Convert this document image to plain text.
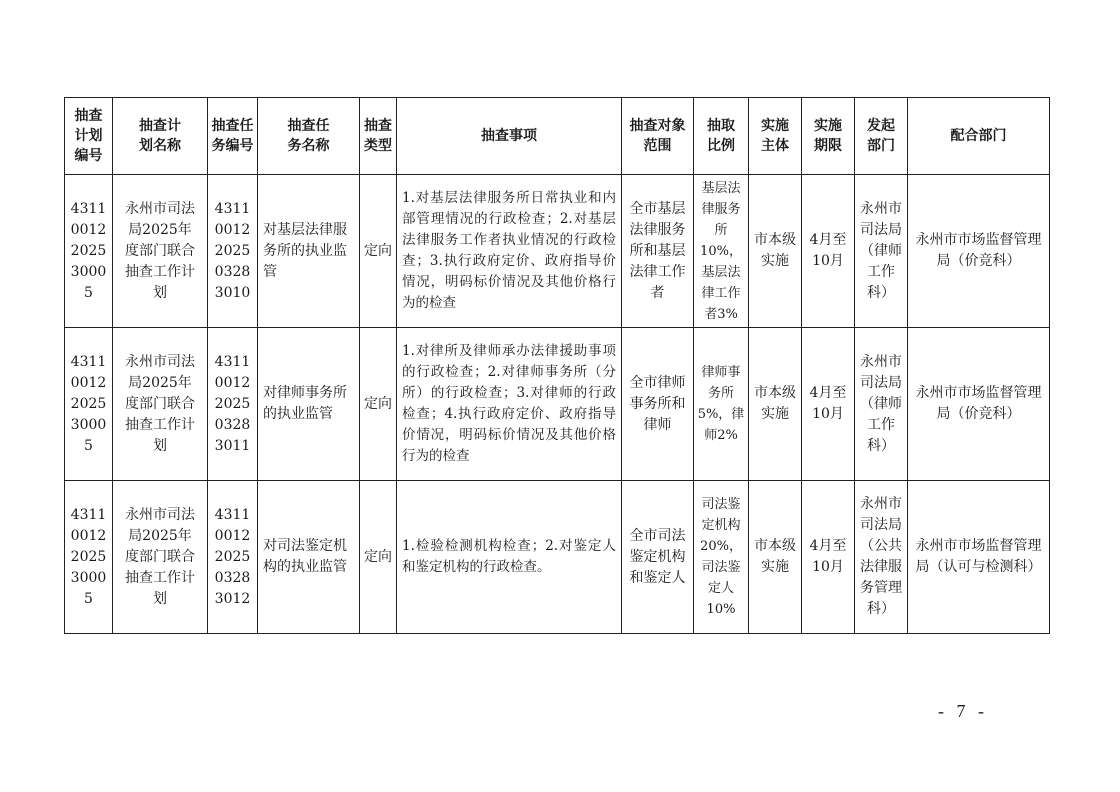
抽查计划编号	抽查计划名称	抽查任务编号	抽查任务名称	抽查类型	抽查事项	抽查对象范围	抽取比例	实施主体	实施期限	发起部门	配合部门
43110012202530005	永州市司法局2025年度部门联合抽查工作计划	43110012202503283010	对基层法律服务所的执业监管	定向	1.对基层法律服务所日常执业和内部管理情况的行政检查；2.对基层法律服务工作者执业情况的行政检查；3.执行政府定价、政府指导价情况，明码标价情况及其他价格行为的检查	全市基层法律服务所和基层法律工作者	基层法律服务所10%，基层法律工作者3%	市本级实施	4月至10月	永州市司法局（律师工作科）	永州市市场监督管理局（价竞科）
43110012202530005	永州市司法局2025年度部门联合抽查工作计划	43110012202503283011	对律师事务所的执业监管	定向	1.对律所及律师承办法律援助事项的行政检查；2.对律师事务所（分所）的行政检查；3.对律师的行政检查；4.执行政府定价、政府指导价情况，明码标价情况及其他价格行为的检查	全市律师事务所和律师	律师事务所5%，律师2%	市本级实施	4月至10月	永州市司法局（律师工作科）	永州市市场监督管理局（价竞科）
43110012202530005	永州市司法局2025年度部门联合抽查工作计划	43110012202503283012	对司法鉴定机构的执业监管	定向	1.检验检测机构检查；2.对鉴定人和鉴定机构的行政检查。	全市司法鉴定机构和鉴定人	司法鉴定机构20%，司法鉴定人10%	市本级实施	4月至10月	永州市司法局（公共法律服务管理科）	永州市市场监督管理局（认可与检测科）
- 7 -
